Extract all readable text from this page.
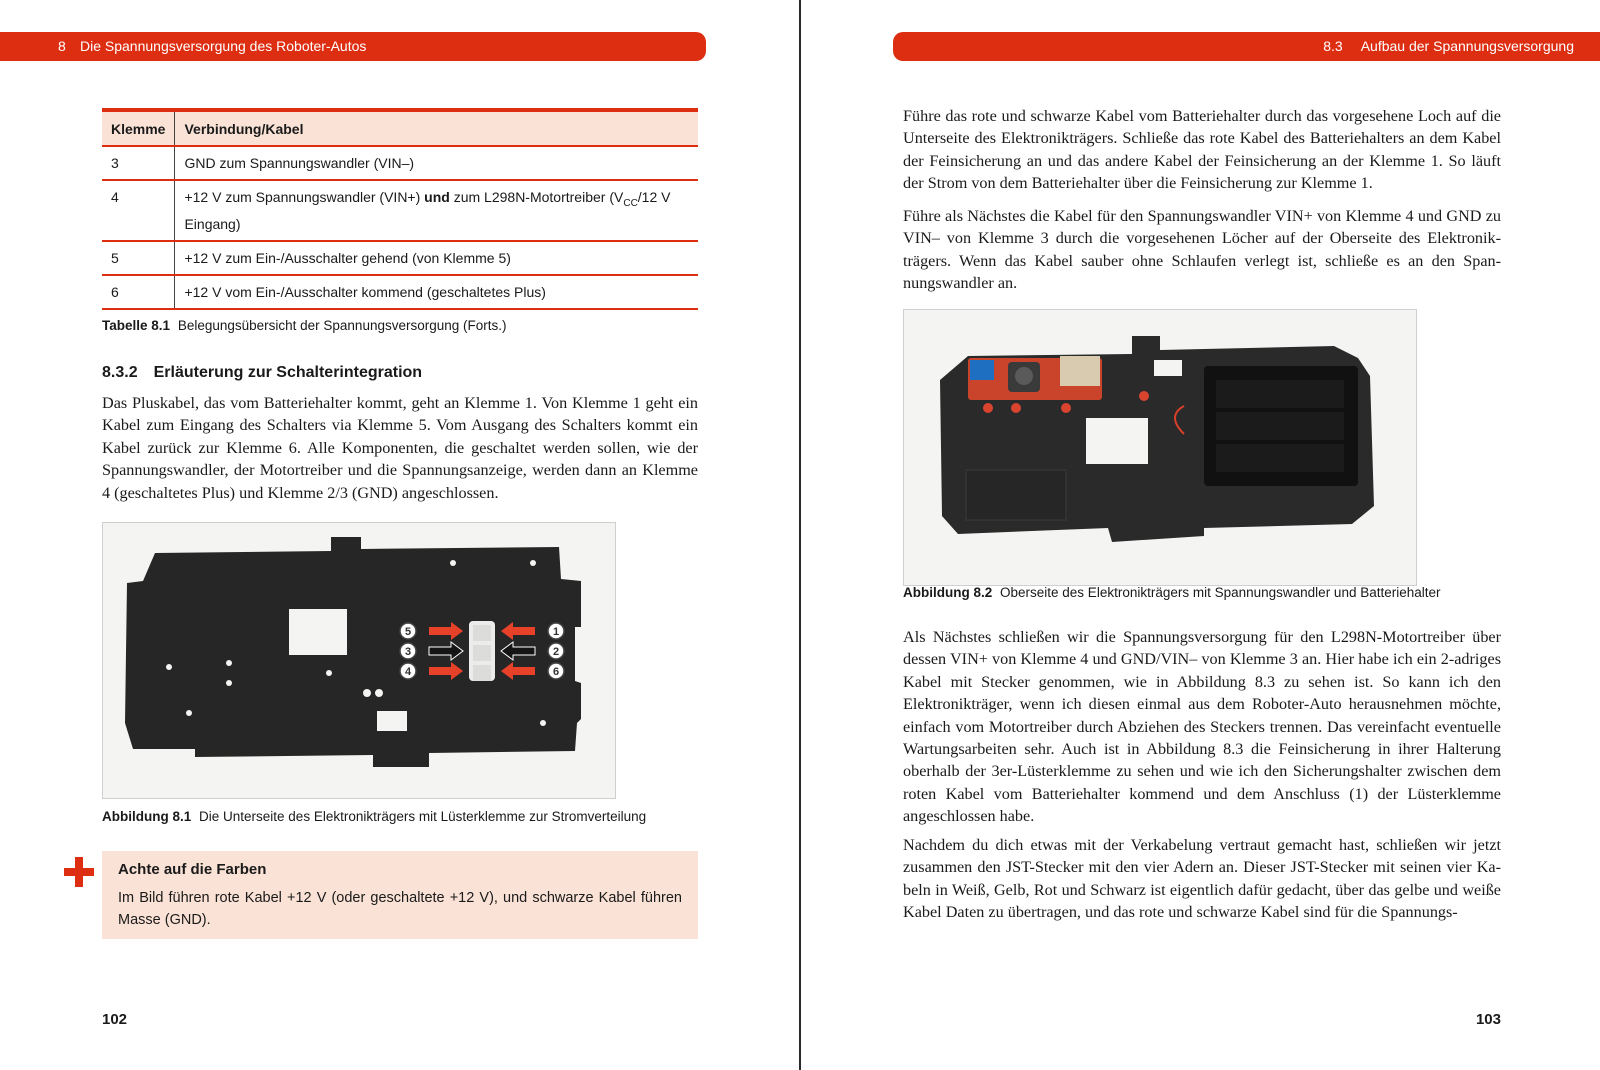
8 Die Spannungsversorgung des Roboter-Autos
Klemme	Verbindung/Kabel
3	GND zum Spannungswandler (VIN–)
4	+12 V zum Spannungswandler (VIN+) und zum L298N-Motortreiber ($V_{CC}/12$ V Eingang)
5	+12 V zum Ein-/Ausschalter gehend (von Klemme 5)
6	+12 V vom Ein-/Ausschalter kommend (geschaltetes Plus)
Tabelle 8.1 Belegungsübersicht der Spannungsversorgung (Forts.)
8.3.2 Erläuterung zur Schalterintegration

Das Pluskabel, das vom Batteriehalter kommt, geht an Klemme 1. Von Klemme 1 geht ein Kabel zum Eingang des Schalters via Klemme 5. Vom Ausgang des Schalters kommt ein Kabel zurück zur Klemme 6. Alle Komponenten, die geschaltet werden sollen, wie der Spannungswandler, der Motortreiber und die Spannungsanzeige, werden dann an Klemme 4 (geschaltetes Plus) und Klemme 2/3 (GND) angeschlossen.

5
3
4
1
2
6
Abbildung 8.1 Die Unterseite des Elektronikträgers mit Lüsterklemme zur Stromverteilung
Achte auf die Farben
Im Bild führen rote Kabel +12 V (oder geschaltete +12 V), und schwarze Kabel führen Masse (GND).
102
8.3 Aufbau der Spannungsversorgung

Führe das rote und schwarze Kabel vom Batteriehalter durch das vorgesehene Loch auf die Unterseite des Elektronikträgers. Schließe das rote Kabel des Batteriehalters an dem Kabel der Feinsicherung an und das andere Kabel der Feinsicherung an der Klemme 1. So läuft der Strom von dem Batteriehalter über die Feinsicherung zur Klemme 1.

Führe als Nächstes die Kabel für den Spannungswandler VIN+ von Klemme 4 und GND zu VIN– von Klemme 3 durch die vorgesehenen Löcher auf der Oberseite des Elektronikträgers. Wenn das Kabel sauber ohne Schlaufen verlegt ist, schließe es an den Spannungswandler an.

Abbildung 8.2 Oberseite des Elektronikträgers mit Spannungswandler und Batteriehalter

Als Nächstes schließen wir die Spannungsversorgung für den L298N-Motortreiber über dessen VIN+ von Klemme 4 und GND/VIN– von Klemme 3 an. Hier habe ich ein 2-adriges Kabel mit Stecker genommen, wie in Abbildung 8.3 zu sehen ist. So kann ich den Elektronikträger, wenn ich diesen einmal aus dem Roboter-Auto herausnehmen möchte, einfach vom Motortreiber durch Abziehen des Steckers trennen. Das vereinfacht eventuelle Wartungsarbeiten sehr. Auch ist in Abbildung 8.3 die Feinsicherung in ihrer Halterung oberhalb der 3er-Lüsterklemme zu sehen und wie ich den Sicherungshalter zwischen dem roten Kabel vom Batteriehalter kommend und dem Anschluss (1) der Lüsterklemme angeschlossen habe.

Nachdem du dich etwas mit der Verkabelung vertraut gemacht hast, schließen wir jetzt zusammen den JST-Stecker mit den vier Adern an. Dieser JST-Stecker mit seinen vier Kabeln in Weiß, Gelb, Rot und Schwarz ist eigentlich dafür gedacht, über das gelbe und weiße Kabel Daten zu übertragen, und das rote und schwarze Kabel sind für die Spannungs-

103
